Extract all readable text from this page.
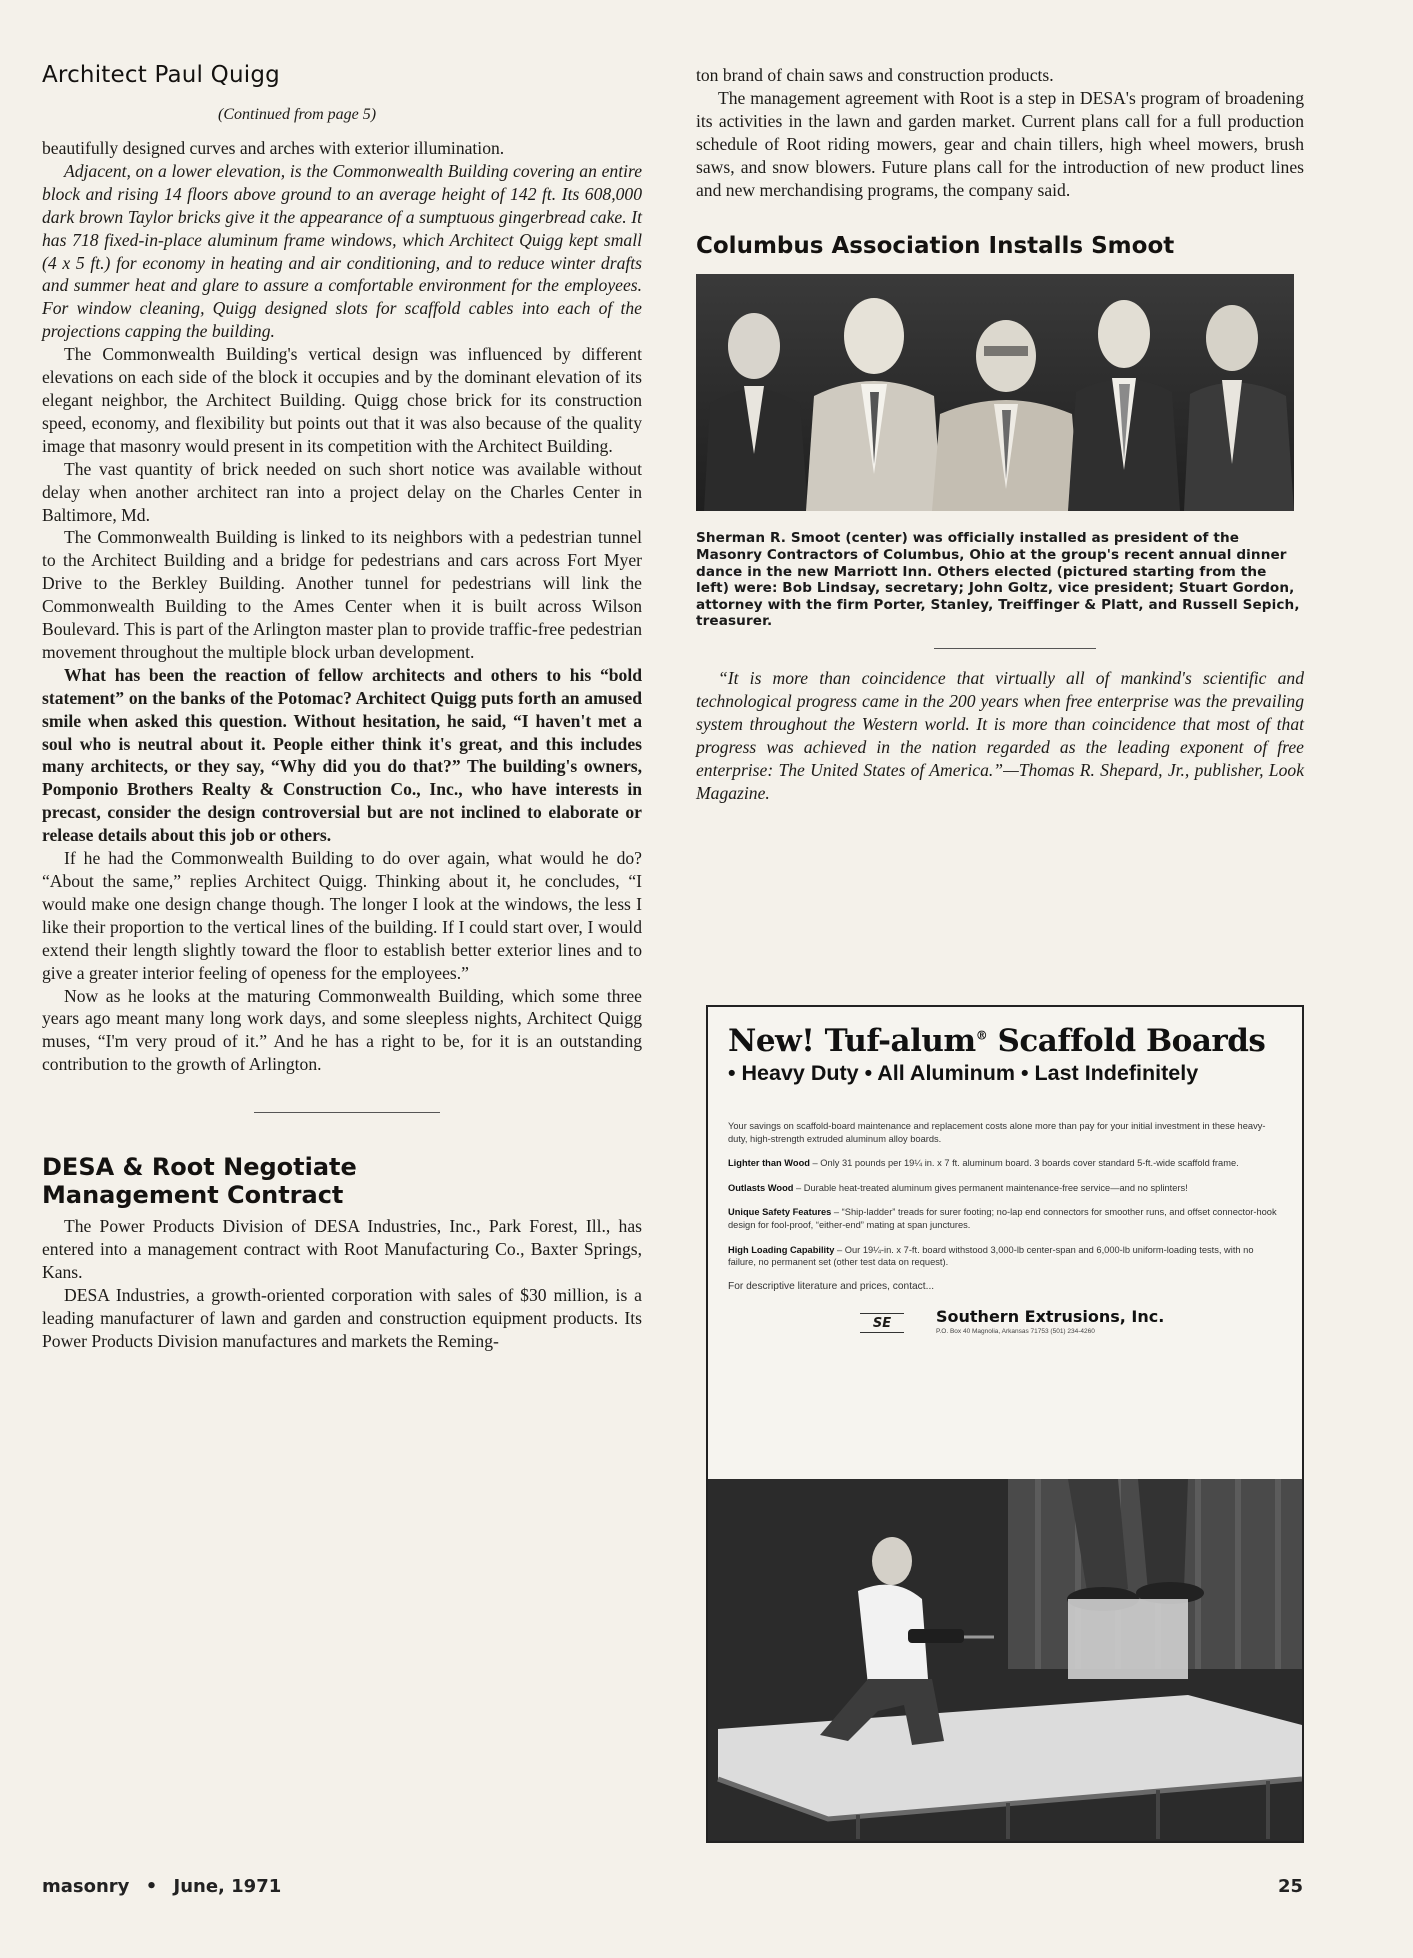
Architect Paul Quigg
(Continued from page 5)

beautifully designed curves and arches with exterior illumination.

Adjacent, on a lower elevation, is the Commonwealth Building covering an entire block and rising 14 floors above ground to an average height of 142 ft. Its 608,000 dark brown Taylor bricks give it the appearance of a sumptuous gingerbread cake. It has 718 fixed-in-place aluminum frame windows, which Architect Quigg kept small (4 x 5 ft.) for economy in heating and air conditioning, and to reduce winter drafts and summer heat and glare to assure a comfortable environment for the employees. For window cleaning, Quigg designed slots for scaffold cables into each of the projections capping the building.

The Commonwealth Building's vertical design was influenced by different elevations on each side of the block it occupies and by the dominant elevation of its elegant neighbor, the Architect Building. Quigg chose brick for its construction speed, economy, and flexibility but points out that it was also because of the quality image that masonry would present in its competition with the Architect Building.

The vast quantity of brick needed on such short notice was available without delay when another architect ran into a project delay on the Charles Center in Baltimore, Md.

The Commonwealth Building is linked to its neighbors with a pedestrian tunnel to the Architect Building and a bridge for pedestrians and cars across Fort Myer Drive to the Berkley Building. Another tunnel for pedestrians will link the Commonwealth Building to the Ames Center when it is built across Wilson Boulevard. This is part of the Arlington master plan to provide traffic-free pedestrian movement throughout the multiple block urban development.

What has been the reaction of fellow architects and others to his “bold statement” on the banks of the Potomac? Architect Quigg puts forth an amused smile when asked this question. Without hesitation, he said, “I haven't met a soul who is neutral about it. People either think it's great, and this includes many architects, or they say, “Why did you do that?” The building's owners, Pomponio Brothers Realty & Construction Co., Inc., who have interests in precast, consider the design controversial but are not inclined to elaborate or release details about this job or others.

If he had the Commonwealth Building to do over again, what would he do? “About the same,” replies Architect Quigg. Thinking about it, he concludes, “I would make one design change though. The longer I look at the windows, the less I like their proportion to the vertical lines of the building. If I could start over, I would extend their length slightly toward the floor to establish better exterior lines and to give a greater interior feeling of openess for the employees.”

Now as he looks at the maturing Commonwealth Building, which some three years ago meant many long work days, and some sleepless nights, Architect Quigg muses, “I'm very proud of it.” And he has a right to be, for it is an outstanding contribution to the growth of Arlington.

DESA & Root Negotiate
Management Contract

The Power Products Division of DESA Industries, Inc., Park Forest, Ill., has entered into a management contract with Root Manufacturing Co., Baxter Springs, Kans.

DESA Industries, a growth-oriented corporation with sales of $30 million, is a leading manufacturer of lawn and garden and construction equipment products. Its Power Products Division manufactures and markets the Reming-

ton brand of chain saws and construction products.

The management agreement with Root is a step in DESA's program of broadening its activities in the lawn and garden market. Current plans call for a full production schedule of Root riding mowers, gear and chain tillers, high wheel mowers, brush saws, and snow blowers. Future plans call for the introduction of new product lines and new merchandising programs, the company said.

Columbus Association Installs Smoot

Sherman R. Smoot (center) was officially installed as president of the Masonry Contractors of Columbus, Ohio at the group's recent annual dinner dance in the new Marriott Inn. Others elected (pictured starting from the left) were: Bob Lindsay, secretary; John Goltz, vice president; Stuart Gordon, attorney with the firm Porter, Stanley, Treiffinger & Platt, and Russell Sepich, treasurer.

“It is more than coincidence that virtually all of mankind's scientific and technological progress came in the 200 years when free enterprise was the prevailing system throughout the Western world. It is more than coincidence that most of that progress was achieved in the nation regarded as the leading exponent of free enterprise: The United States of America.”—Thomas R. Shepard, Jr., publisher, Look Magazine.

New! Tuf-alum® Scaffold Boards
• Heavy Duty • All Aluminum • Last Indefinitely

Your savings on scaffold-board maintenance and replacement costs alone more than pay for your initial investment in these heavy-duty, high-strength extruded aluminum alloy boards.

Lighter than Wood – Only 31 pounds per 19¼ in. x 7 ft. aluminum board. 3 boards cover standard 5-ft.-wide scaffold frame.

Outlasts Wood – Durable heat-treated aluminum gives permanent maintenance-free service—and no splinters!

Unique Safety Features – “Ship-ladder” treads for surer footing; no-lap end connectors for smoother runs, and offset connector-hook design for fool-proof, “either-end” mating at span junctures.

High Loading Capability – Our 19¼-in. x 7-ft. board withstood 3,000-lb center-span and 6,000-lb uniform-loading tests, with no failure, no permanent set (other test data on request).

For descriptive literature and prices, contact...

SE	Southern Extrusions, Inc.
P.O. Box 40 Magnolia, Arkansas 71753 (501) 234-4260
masonry • June, 1971	25
